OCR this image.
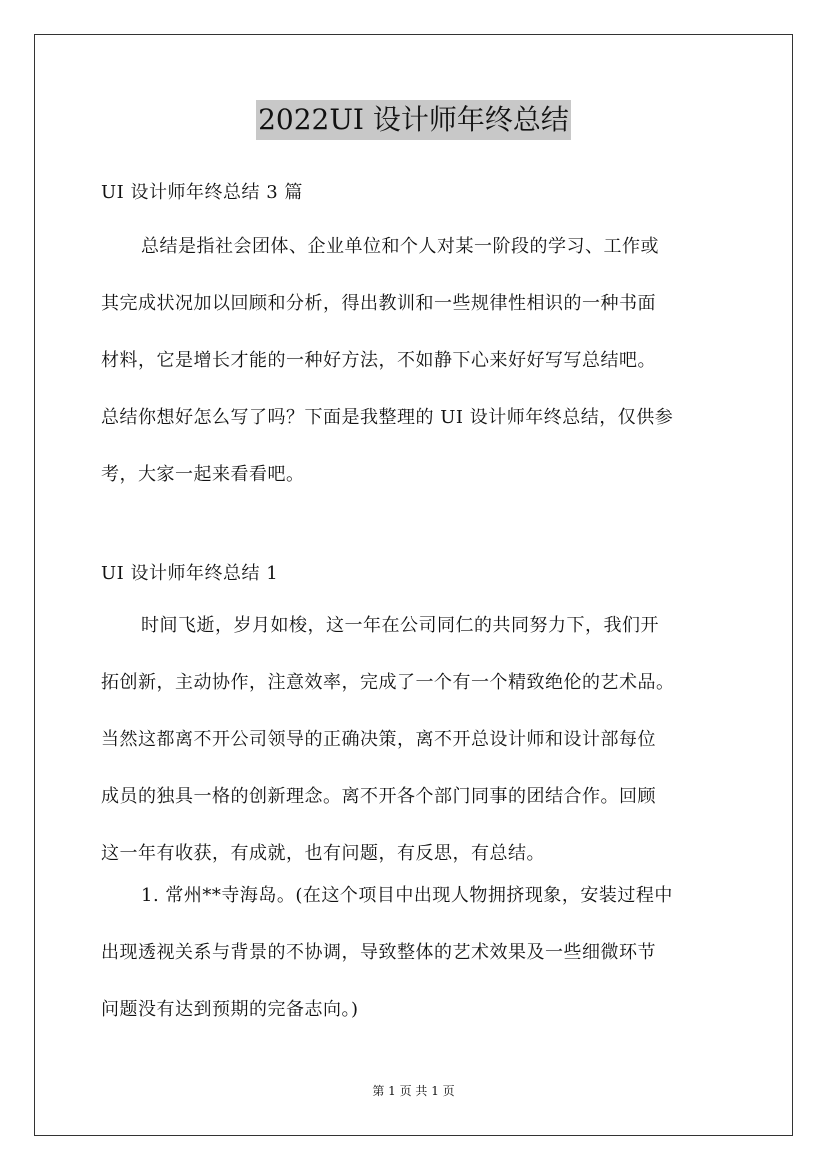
2022UI 设计师年终总结
UI 设计师年终总结 3 篇
总结是指社会团体、企业单位和个人对某一阶段的学习、工作或
其完成状况加以回顾和分析，得出教训和一些规律性相识的一种书面
材料，它是增长才能的一种好方法，不如静下心来好好写写总结吧。
总结你想好怎么写了吗？下面是我整理的 UI 设计师年终总结，仅供参
考，大家一起来看看吧。
UI 设计师年终总结 1
时间飞逝，岁月如梭，这一年在公司同仁的共同努力下，我们开
拓创新，主动协作，注意效率，完成了一个有一个精致绝伦的艺术品。
当然这都离不开公司领导的正确决策，离不开总设计师和设计部每位
成员的独具一格的创新理念。离不开各个部门同事的团结合作。回顾
这一年有收获，有成就，也有问题，有反思，有总结。
1. 常州**寺海岛。(在这个项目中出现人物拥挤现象，安装过程中
出现透视关系与背景的不协调，导致整体的艺术效果及一些细微环节
问题没有达到预期的完备志向。)
第 1 页 共 1 页
